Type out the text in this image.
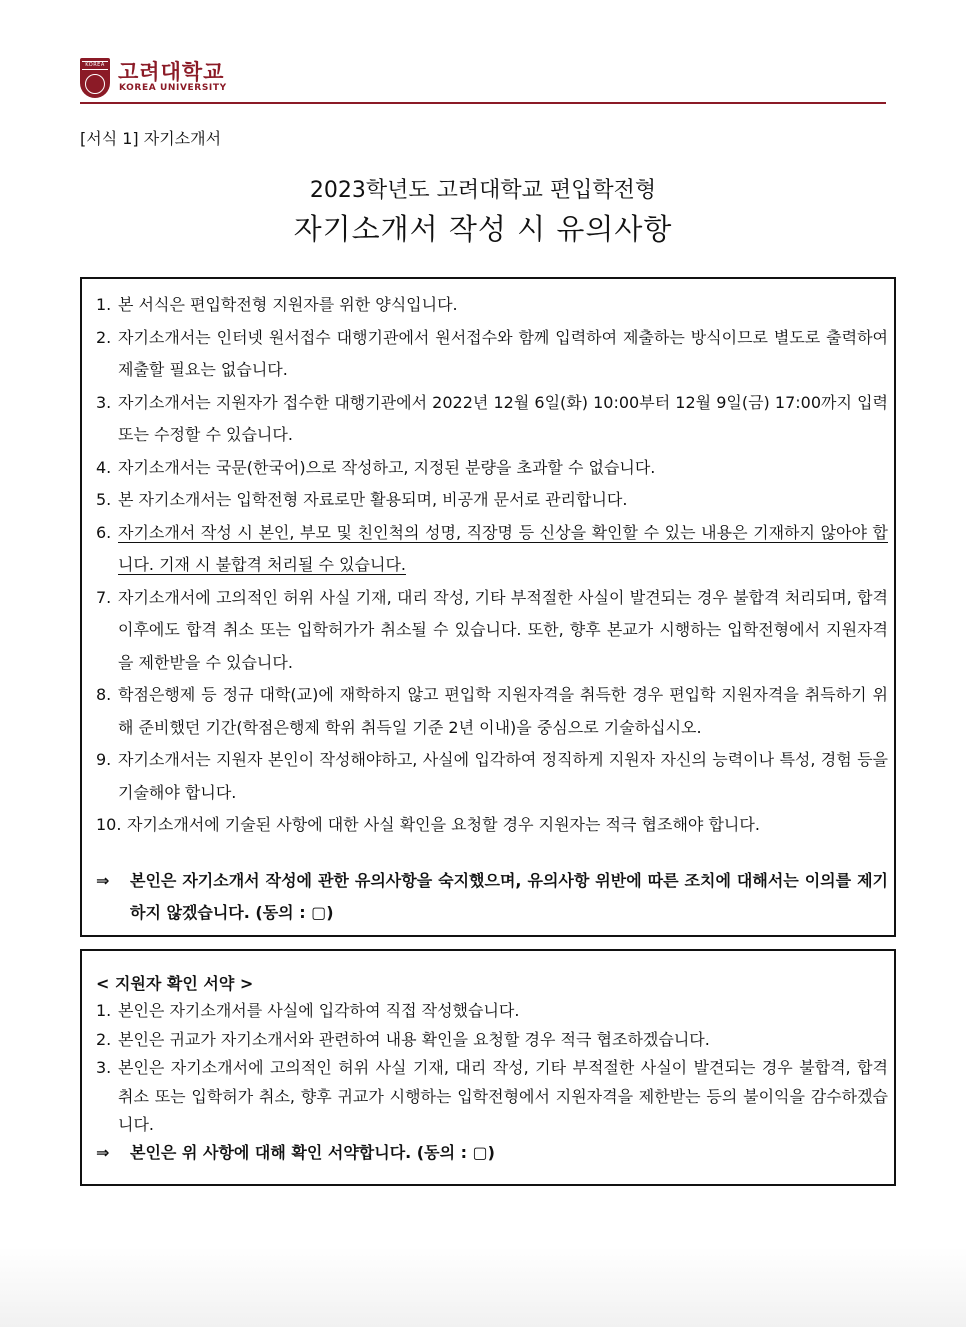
KOREA 고려대학교
KOREA UNIVERSITY
[서식 1] 자기소개서
2023학년도 고려대학교 편입학전형
자기소개서 작성 시 유의사항
1. 본 서식은 편입학전형 지원자를 위한 양식입니다.
2. 자기소개서는 인터넷 원서접수 대행기관에서 원서접수와 함께 입력하여 제출하는 방식이므로 별도로 출력하여 제출할 필요는 없습니다.
3. 자기소개서는 지원자가 접수한 대행기관에서 2022년 12월 6일(화) 10:00부터 12월 9일(금) 17:00까지 입력 또는 수정할 수 있습니다.
4. 자기소개서는 국문(한국어)으로 작성하고, 지정된 분량을 초과할 수 없습니다.
5. 본 자기소개서는 입학전형 자료로만 활용되며, 비공개 문서로 관리합니다.
6. 자기소개서 작성 시 본인, 부모 및 친인척의 성명, 직장명 등 신상을 확인할 수 있는 내용은 기재하지 않아야 합니다. 기재 시 불합격 처리될 수 있습니다.
7. 자기소개서에 고의적인 허위 사실 기재, 대리 작성, 기타 부적절한 사실이 발견되는 경우 불합격 처리되며, 합격 이후에도 합격 취소 또는 입학허가가 취소될 수 있습니다. 또한, 향후 본교가 시행하는 입학전형에서 지원자격을 제한받을 수 있습니다.
8. 학점은행제 등 정규 대학(교)에 재학하지 않고 편입학 지원자격을 취득한 경우 편입학 지원자격을 취득하기 위해 준비했던 기간(학점은행제 학위 취득일 기준 2년 이내)을 중심으로 기술하십시오.
9. 자기소개서는 지원자 본인이 작성해야하고, 사실에 입각하여 정직하게 지원자 자신의 능력이나 특성, 경험 등을 기술해야 합니다.
10. 자기소개서에 기술된 사항에 대한 사실 확인을 요청할 경우 지원자는 적극 협조해야 합니다.
⇒ 본인은 자기소개서 작성에 관한 유의사항을 숙지했으며, 유의사항 위반에 따른 조치에 대해서는 이의를 제기하지 않겠습니다. (동의 : ▢)
< 지원자 확인 서약 >
1. 본인은 자기소개서를 사실에 입각하여 직접 작성했습니다.
2. 본인은 귀교가 자기소개서와 관련하여 내용 확인을 요청할 경우 적극 협조하겠습니다.
3. 본인은 자기소개서에 고의적인 허위 사실 기재, 대리 작성, 기타 부적절한 사실이 발견되는 경우 불합격, 합격 취소 또는 입학허가 취소, 향후 귀교가 시행하는 입학전형에서 지원자격을 제한받는 등의 불이익을 감수하겠습니다.
⇒ 본인은 위 사항에 대해 확인 서약합니다. (동의 : ▢)
